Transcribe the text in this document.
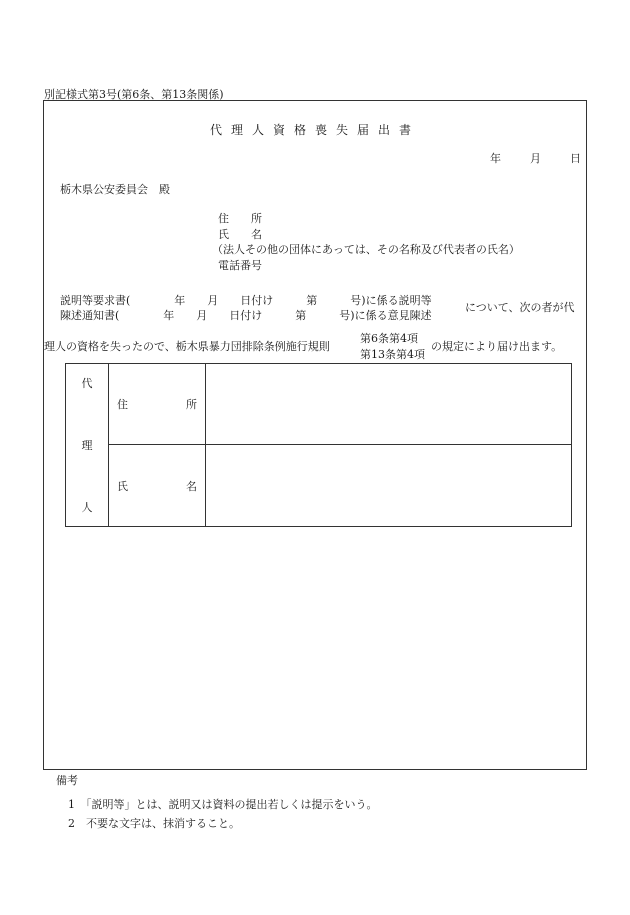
別記様式第3号(第6条、第13条関係)
代理人資格喪失届出書
年	月	日
栃木県公安委員会　殿
住　　所
氏　　名
（法人その他の団体にあっては、その名称及び代表者の氏名）
電話番号
説明等要求書(　　　　年　　月　　日付け　　　第　　　号)に係る説明等
陳述通知書(　　　　年　　月　　日付け　　　第　　　号)に係る意見陳述
について、次の者が代
理人の資格を失ったので、栃木県暴力団排除条例施行規則
第6条第4項
第13条第4項
の規定により届け出ます。
代
理
人	住 所	

	氏 名	

備考
1　「説明等」とは、説明又は資料の提出若しくは提示をいう。
2　不要な文字は、抹消すること。
